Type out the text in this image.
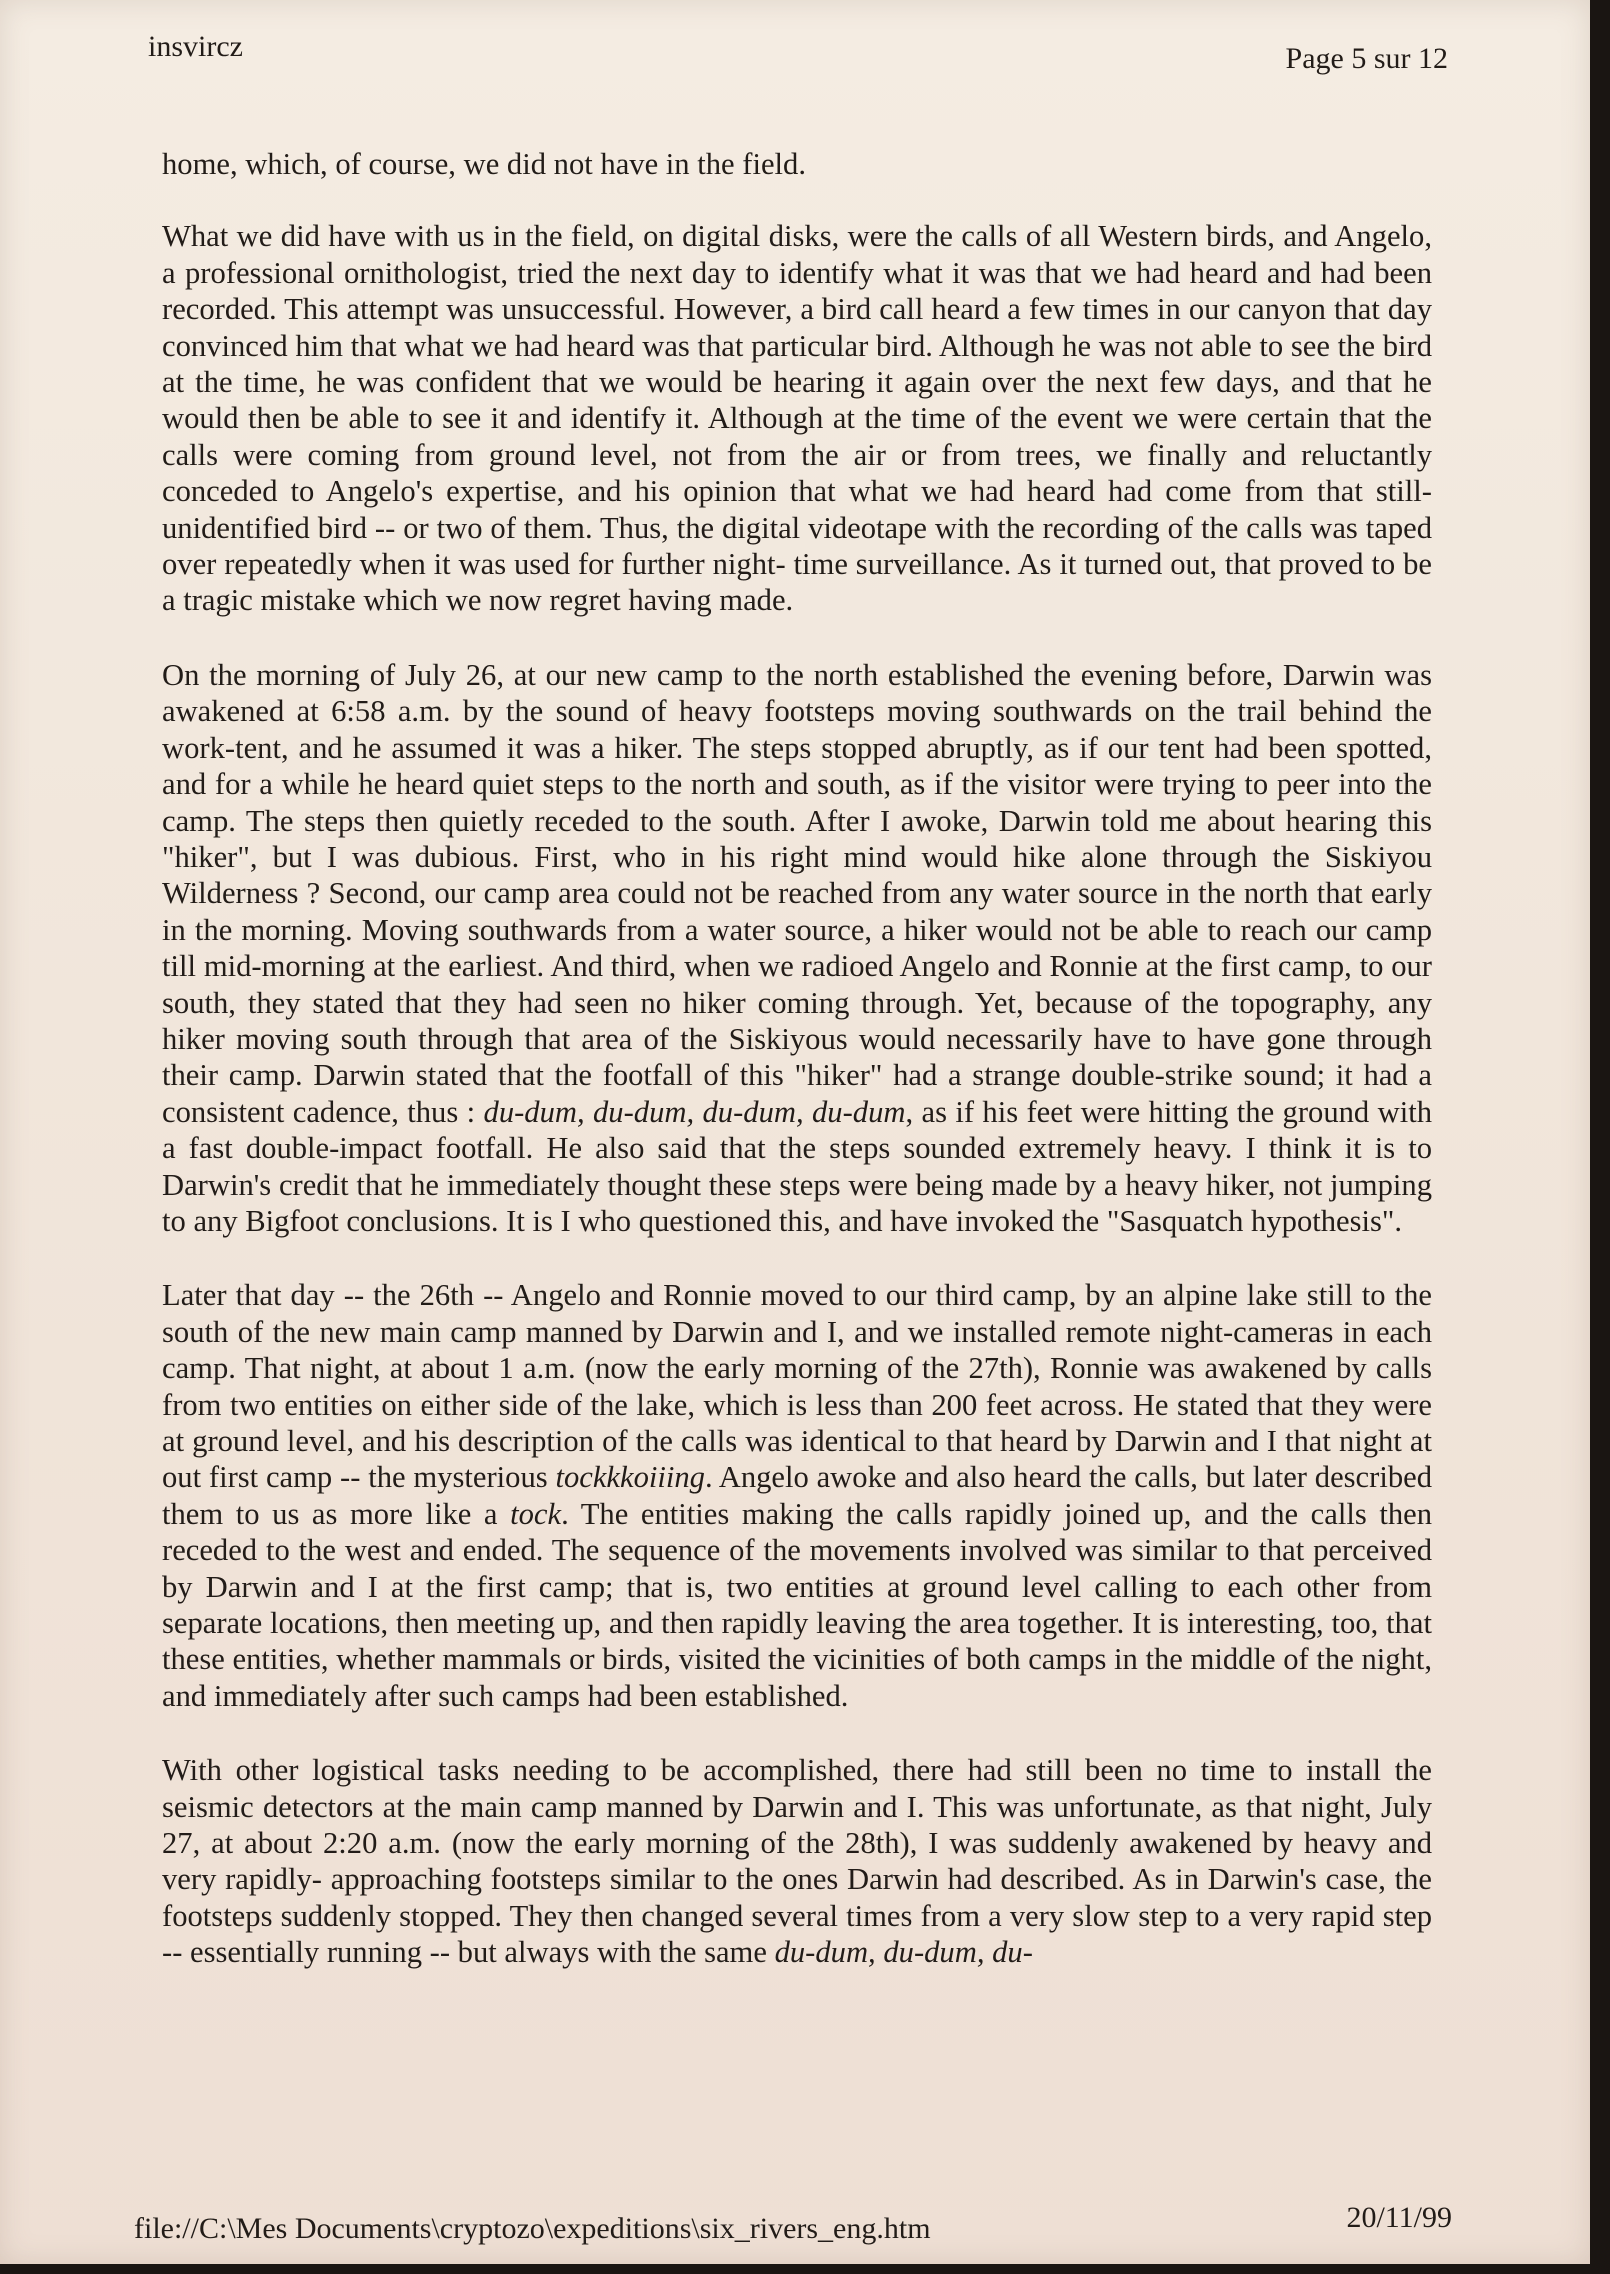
insvircz	Page 5 sur 12

home, which, of course, we did not have in the field.

What we did have with us in the field, on digital disks, were the calls of all Western birds, and Angelo, a professional ornithologist, tried the next day to identify what it was that we had heard and had been recorded. This attempt was unsuccessful. However, a bird call heard a few times in our canyon that day convinced him that what we had heard was that particular bird. Although he was not able to see the bird at the time, he was confident that we would be hearing it again over the next few days, and that he would then be able to see it and identify it. Although at the time of the event we were certain that the calls were coming from ground level, not from the air or from trees, we finally and reluctantly conceded to Angelo's expertise, and his opinion that what we had heard had come from that still-unidentified bird -- or two of them. Thus, the digital videotape with the recording of the calls was taped over repeatedly when it was used for further night- time surveillance. As it turned out, that proved to be a tragic mistake which we now regret having made.

On the morning of July 26, at our new camp to the north established the evening before, Darwin was awakened at 6:58 a.m. by the sound of heavy footsteps moving southwards on the trail behind the work-tent, and he assumed it was a hiker. The steps stopped abruptly, as if our tent had been spotted, and for a while he heard quiet steps to the north and south, as if the visitor were trying to peer into the camp. The steps then quietly receded to the south. After I awoke, Darwin told me about hearing this "hiker", but I was dubious. First, who in his right mind would hike alone through the Siskiyou Wilderness ? Second, our camp area could not be reached from any water source in the north that early in the morning. Moving southwards from a water source, a hiker would not be able to reach our camp till mid-morning at the earliest. And third, when we radioed Angelo and Ronnie at the first camp, to our south, they stated that they had seen no hiker coming through. Yet, because of the topography, any hiker moving south through that area of the Siskiyous would necessarily have to have gone through their camp. Darwin stated that the footfall of this "hiker" had a strange double-strike sound; it had a consistent cadence, thus : du-dum, du-dum, du-dum, du-dum, as if his feet were hitting the ground with a fast double-impact footfall. He also said that the steps sounded extremely heavy. I think it is to Darwin's credit that he immediately thought these steps were being made by a heavy hiker, not jumping to any Bigfoot conclusions. It is I who questioned this, and have invoked the "Sasquatch hypothesis".

Later that day -- the 26th -- Angelo and Ronnie moved to our third camp, by an alpine lake still to the south of the new main camp manned by Darwin and I, and we installed remote night-cameras in each camp. That night, at about 1 a.m. (now the early morning of the 27th), Ronnie was awakened by calls from two entities on either side of the lake, which is less than 200 feet across. He stated that they were at ground level, and his description of the calls was identical to that heard by Darwin and I that night at out first camp -- the mysterious tockkkoiiing. Angelo awoke and also heard the calls, but later described them to us as more like a tock. The entities making the calls rapidly joined up, and the calls then receded to the west and ended. The sequence of the movements involved was similar to that perceived by Darwin and I at the first camp; that is, two entities at ground level calling to each other from separate locations, then meeting up, and then rapidly leaving the area together. It is interesting, too, that these entities, whether mammals or birds, visited the vicinities of both camps in the middle of the night, and immediately after such camps had been established.

With other logistical tasks needing to be accomplished, there had still been no time to install the seismic detectors at the main camp manned by Darwin and I. This was unfortunate, as that night, July 27, at about 2:20 a.m. (now the early morning of the 28th), I was suddenly awakened by heavy and very rapidly- approaching footsteps similar to the ones Darwin had described. As in Darwin's case, the footsteps suddenly stopped. They then changed several times from a very slow step to a very rapid step -- essentially running -- but always with the same du-dum, du-dum, du-

file://C:\Mes Documents\cryptozo\expeditions\six_rivers_eng.htm	20/11/99
